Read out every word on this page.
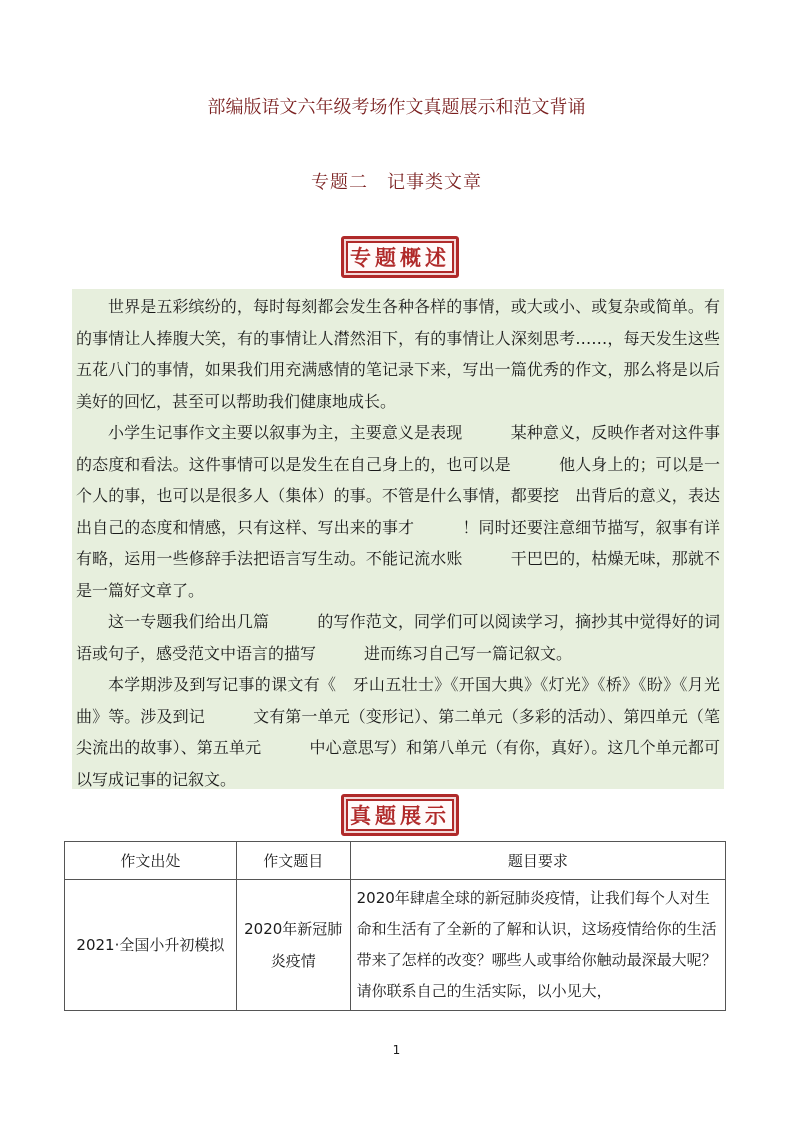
部编版语文六年级考场作文真题展示和范文背诵
专题二　记事类文章
专题概述

世界是五彩缤纷的，每时每刻都会发生各种各样的事情，或大或小、或复杂或简单。有的事情让人捧腹大笑，有的事情让人潸然泪下，有的事情让人深刻思考……，每天发生这些五花八门的事情，如果我们用充满感情的笔记录下来，写出一篇优秀的作文，那么将是以后美好的回忆，甚至可以帮助我们健康地成长。

小学生记事作文主要以叙事为主，主要意义是表现　　　某种意义，反映作者对这件事的态度和看法。这件事情可以是发生在自己身上的，也可以是　　　他人身上的；可以是一个人的事，也可以是很多人（集体）的事。不管是什么事情，都要挖　出背后的意义，表达出自己的态度和情感，只有这样、写出来的事才　　　！同时还要注意细节描写，叙事有详有略，运用一些修辞手法把语言写生动。不能记流水账　　　干巴巴的，枯燥无味，那就不是一篇好文章了。

这一专题我们给出几篇　　　的写作范文，同学们可以阅读学习，摘抄其中觉得好的词语或句子，感受范文中语言的描写　　　进而练习自己写一篇记叙文。

本学期涉及到写记事的课文有《　牙山五壮士》《开国大典》《灯光》《桥》《盼》《月光曲》等。涉及到记　　　文有第一单元（变形记）、第二单元（多彩的活动）、第四单元（笔尖流出的故事）、第五单元　　　中心意思写）和第八单元（有你，真好）。这几个单元都可以写成记事的记叙文。

真题展示
作文出处	作文题目	题目要求
2021·全国小升初模拟	2020年新冠肺炎疫情	2020年肆虐全球的新冠肺炎疫情，让我们每个人对生命和生活有了全新的了解和认识，这场疫情给你的生活带来了怎样的改变？哪些人或事给你触动最深最大呢？请你联系自己的生活实际，以小见大，
1
